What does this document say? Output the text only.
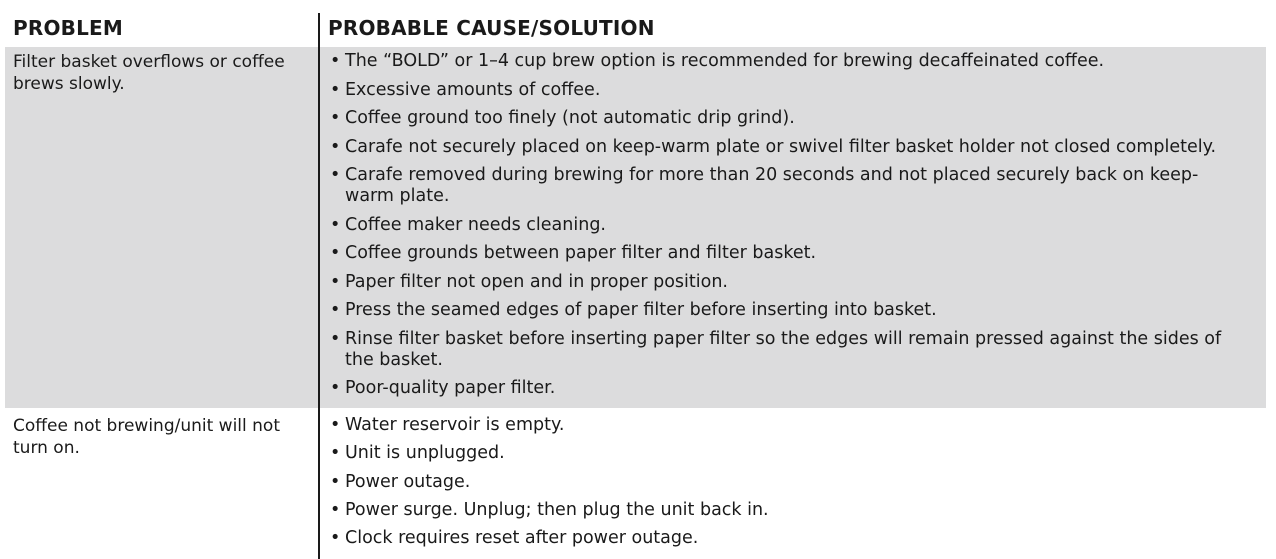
PROBLEM	PROBABLE CAUSE/SOLUTION
Filter basket overflows or coffee brews slowly.
• The “BOLD” or 1–4 cup brew option is recommended for brewing decaffeinated coffee.
• Excessive amounts of coffee.
• Coffee ground too finely (not automatic drip grind).
• Carafe not securely placed on keep-warm plate or swivel filter basket holder not closed completely.
• Carafe removed during brewing for more than 20 seconds and not placed securely back on keep-warm plate.
• Coffee maker needs cleaning.
• Coffee grounds between paper filter and filter basket.
• Paper filter not open and in proper position.
• Press the seamed edges of paper filter before inserting into basket.
• Rinse filter basket before inserting paper filter so the edges will remain pressed against the sides of the basket.
• Poor-quality paper filter.
Coffee not brewing/unit will not turn on.
• Water reservoir is empty.
• Unit is unplugged.
• Power outage.
• Power surge. Unplug; then plug the unit back in.
• Clock requires reset after power outage.
